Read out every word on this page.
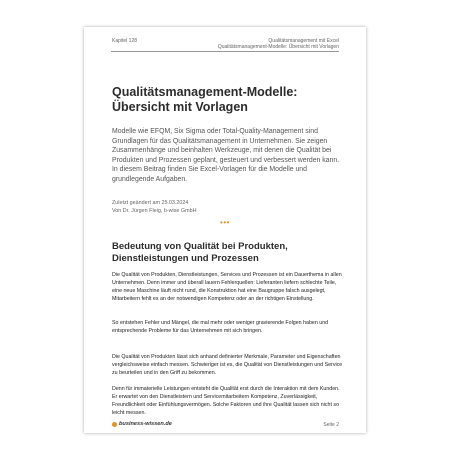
Kapitel 128	Qualitätsmanagement mit Excel
Qualitätsmanagement-Modelle: Übersicht mit Vorlagen
Qualitätsmanagement-Modelle: Übersicht mit Vorlagen
Modelle wie EFQM, Six Sigma oder Total-Quality-Management sind Grundlagen für das Qualitätsmanagement in Unternehmen. Sie zeigen Zusammenhänge und beinhalten Werkzeuge, mit denen die Qualität bei Produkten und Prozessen geplant, gesteuert und verbessert werden kann. In diesem Beitrag finden Sie Excel-Vorlagen für die Modelle und grundlegende Aufgaben.
Zuletzt geändert am 25.03.2024
Von Dr. Jürgen Fleig, b-wise GmbH
•••
Bedeutung von Qualität bei Produkten, Dienstleistungen und Prozessen
Die Qualität von Produkten, Dienstleistungen, Services und Prozessen ist ein Dauerthema in allen Unternehmen. Denn immer und überall lauern Fehlerquellen: Lieferanten liefern schlechte Teile, eine neue Maschine läuft nicht rund, die Konstruktion hat eine Baugruppe falsch ausgelegt, Mitarbeitern fehlt es an der notwendigen Kompetenz oder an der richtigen Einstellung.
So entstehen Fehler und Mängel, die mal mehr oder weniger gravierende Folgen haben und entsprechende Probleme für das Unternehmen mit sich bringen.
Die Qualität von Produkten lässt sich anhand definierter Merkmale, Parameter und Eigenschaften vergleichsweise einfach messen. Schwieriger ist es, die Qualität von Dienstleistungen und Service zu beurteilen und in den Griff zu bekommen.
Denn für immaterielle Leistungen entsteht die Qualität erst durch die Interaktion mit dem Kunden. Er erwartet von den Dienstleistern und Servicemitarbeitern Kompetenz, Zuverlässigkeit, Freundlichkeit oder Einfühlungsvermögen. Solche Faktoren und ihre Qualität lassen sich nicht so leicht messen.
business-wissen.de	Seite 2
